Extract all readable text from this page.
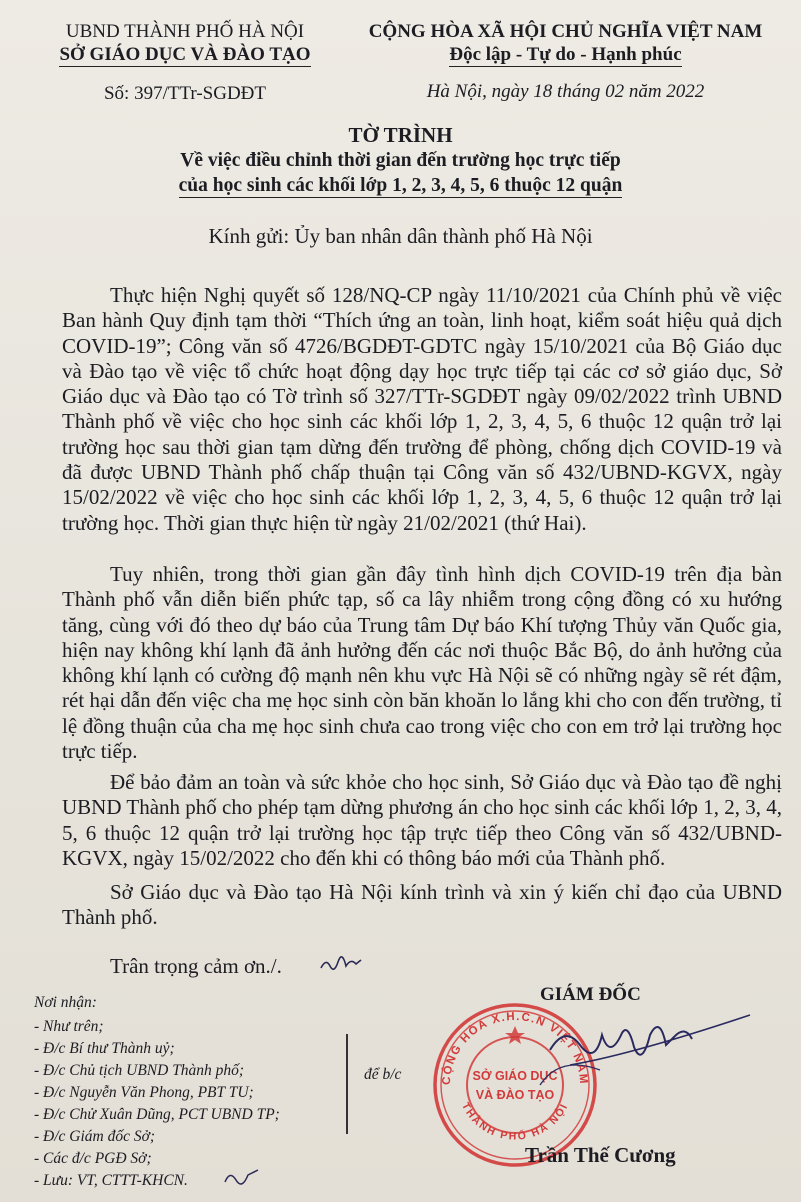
UBND THÀNH PHỐ HÀ NỘI
SỞ GIÁO DỤC VÀ ĐÀO TẠO
Số: 397/TTr-SGDĐT
CỘNG HÒA XÃ HỘI CHỦ NGHĨA VIỆT NAM
Độc lập - Tự do - Hạnh phúc
Hà Nội, ngày 18 tháng 02 năm 2022
TỜ TRÌNH
Về việc điều chỉnh thời gian đến trường học trực tiếp
của học sinh các khối lớp 1, 2, 3, 4, 5, 6 thuộc 12 quận
Kính gửi: Ủy ban nhân dân thành phố Hà Nội
Thực hiện Nghị quyết số 128/NQ-CP ngày 11/10/2021 của Chính phủ về việc Ban hành Quy định tạm thời “Thích ứng an toàn, linh hoạt, kiểm soát hiệu quả dịch COVID-19”; Công văn số 4726/BGDĐT-GDTC ngày 15/10/2021 của Bộ Giáo dục và Đào tạo về việc tổ chức hoạt động dạy học trực tiếp tại các cơ sở giáo dục, Sở Giáo dục và Đào tạo có Tờ trình số 327/TTr-SGDĐT ngày 09/02/2022 trình UBND Thành phố về việc cho học sinh các khối lớp 1, 2, 3, 4, 5, 6 thuộc 12 quận trở lại trường học sau thời gian tạm dừng đến trường để phòng, chống dịch COVID-19 và đã được UBND Thành phố chấp thuận tại Công văn số 432/UBND-KGVX, ngày 15/02/2022 về việc cho học sinh các khối lớp 1, 2, 3, 4, 5, 6 thuộc 12 quận trở lại trường học. Thời gian thực hiện từ ngày 21/02/2021 (thứ Hai).
Tuy nhiên, trong thời gian gần đây tình hình dịch COVID-19 trên địa bàn Thành phố vẫn diễn biến phức tạp, số ca lây nhiễm trong cộng đồng có xu hướng tăng, cùng với đó theo dự báo của Trung tâm Dự báo Khí tượng Thủy văn Quốc gia, hiện nay không khí lạnh đã ảnh hưởng đến các nơi thuộc Bắc Bộ, do ảnh hưởng của không khí lạnh có cường độ mạnh nên khu vực Hà Nội sẽ có những ngày sẽ rét đậm, rét hại dẫn đến việc cha mẹ học sinh còn băn khoăn lo lắng khi cho con đến trường, tỉ lệ đồng thuận của cha mẹ học sinh chưa cao trong việc cho con em trở lại trường học trực tiếp.
Để bảo đảm an toàn và sức khỏe cho học sinh, Sở Giáo dục và Đào tạo đề nghị UBND Thành phố cho phép tạm dừng phương án cho học sinh các khối lớp 1, 2, 3, 4, 5, 6 thuộc 12 quận trở lại trường học tập trực tiếp theo Công văn số 432/UBND-KGVX, ngày 15/02/2022 cho đến khi có thông báo mới của Thành phố.
Sở Giáo dục và Đào tạo Hà Nội kính trình và xin ý kiến chỉ đạo của UBND Thành phố.
Trân trọng cảm ơn./.
Nơi nhận:
- Như trên;
- Đ/c Bí thư Thành uỷ;
- Đ/c Chủ tịch UBND Thành phố;
- Đ/c Nguyễn Văn Phong, PBT TU;
- Đ/c Chử Xuân Dũng, PCT UBND TP;
- Đ/c Giám đốc Sở;
- Các đ/c PGĐ Sở;
- Lưu: VT, CTTT-KHCN.
để b/c
GIÁM ĐỐC
CỘNG HÒA X.H.C.N VIỆT NAM
THÀNH PHỐ HÀ NỘI
SỞ GIÁO DỤC
VÀ ĐÀO TẠO
Trần Thế Cương
